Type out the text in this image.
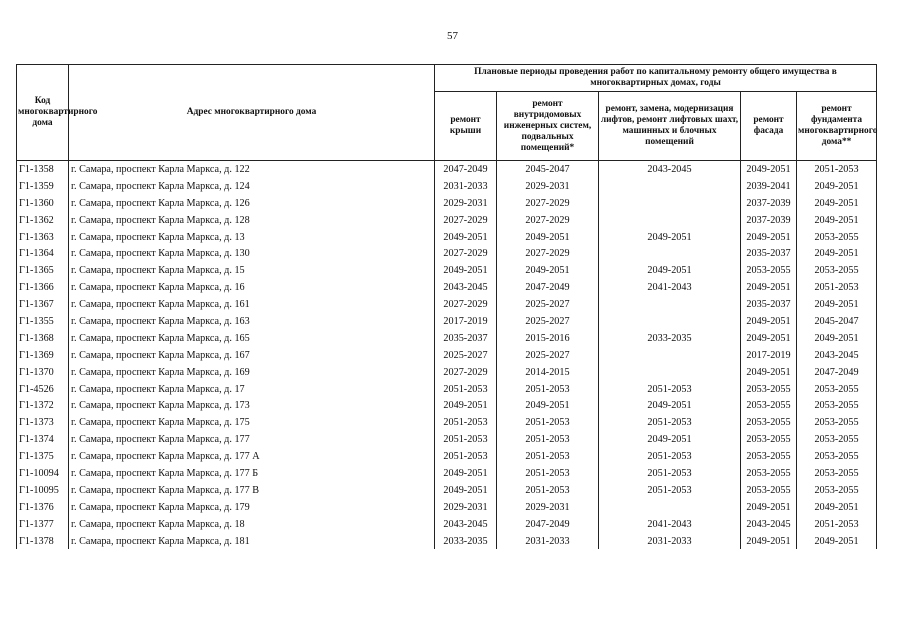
57
Код многоквартирного дома	Адрес многоквартирного дома	Плановые периоды проведения работ по капитальному ремонту общего имущества в многоквартирных домах, годы				
		ремонт крыши	ремонт внутридомовых инженерных систем, подвальных помещений*	ремонт, замена, модернизация лифтов, ремонт лифтовых шахт, машинных и блочных помещений	ремонт фасада	ремонт фундамента многоквартирного дома**
Г1-1358	г. Самара, проспект Карла Маркса, д. 122	2047-2049	2045-2047	2043-2045	2049-2051	2051-2053
Г1-1359	г. Самара, проспект Карла Маркса, д. 124	2031-2033	2029-2031		2039-2041	2049-2051
Г1-1360	г. Самара, проспект Карла Маркса, д. 126	2029-2031	2027-2029		2037-2039	2049-2051
Г1-1362	г. Самара, проспект Карла Маркса, д. 128	2027-2029	2027-2029		2037-2039	2049-2051
Г1-1363	г. Самара, проспект Карла Маркса, д. 13	2049-2051	2049-2051	2049-2051	2049-2051	2053-2055
Г1-1364	г. Самара, проспект Карла Маркса, д. 130	2027-2029	2027-2029		2035-2037	2049-2051
Г1-1365	г. Самара, проспект Карла Маркса, д. 15	2049-2051	2049-2051	2049-2051	2053-2055	2053-2055
Г1-1366	г. Самара, проспект Карла Маркса, д. 16	2043-2045	2047-2049	2041-2043	2049-2051	2051-2053
Г1-1367	г. Самара, проспект Карла Маркса, д. 161	2027-2029	2025-2027		2035-2037	2049-2051
Г1-1355	г. Самара, проспект Карла Маркса, д. 163	2017-2019	2025-2027		2049-2051	2045-2047
Г1-1368	г. Самара, проспект Карла Маркса, д. 165	2035-2037	2015-2016	2033-2035	2049-2051	2049-2051
Г1-1369	г. Самара, проспект Карла Маркса, д. 167	2025-2027	2025-2027		2017-2019	2043-2045
Г1-1370	г. Самара, проспект Карла Маркса, д. 169	2027-2029	2014-2015		2049-2051	2047-2049
Г1-4526	г. Самара, проспект Карла Маркса, д. 17	2051-2053	2051-2053	2051-2053	2053-2055	2053-2055
Г1-1372	г. Самара, проспект Карла Маркса, д. 173	2049-2051	2049-2051	2049-2051	2053-2055	2053-2055
Г1-1373	г. Самара, проспект Карла Маркса, д. 175	2051-2053	2051-2053	2051-2053	2053-2055	2053-2055
Г1-1374	г. Самара, проспект Карла Маркса, д. 177	2051-2053	2051-2053	2049-2051	2053-2055	2053-2055
Г1-1375	г. Самара, проспект Карла Маркса, д. 177 А	2051-2053	2051-2053	2051-2053	2053-2055	2053-2055
Г1-10094	г. Самара, проспект Карла Маркса, д. 177 Б	2049-2051	2051-2053	2051-2053	2053-2055	2053-2055
Г1-10095	г. Самара, проспект Карла Маркса, д. 177 В	2049-2051	2051-2053	2051-2053	2053-2055	2053-2055
Г1-1376	г. Самара, проспект Карла Маркса, д. 179	2029-2031	2029-2031		2049-2051	2049-2051
Г1-1377	г. Самара, проспект Карла Маркса, д. 18	2043-2045	2047-2049	2041-2043	2043-2045	2051-2053
Г1-1378	г. Самара, проспект Карла Маркса, д. 181	2033-2035	2031-2033	2031-2033	2049-2051	2049-2051
